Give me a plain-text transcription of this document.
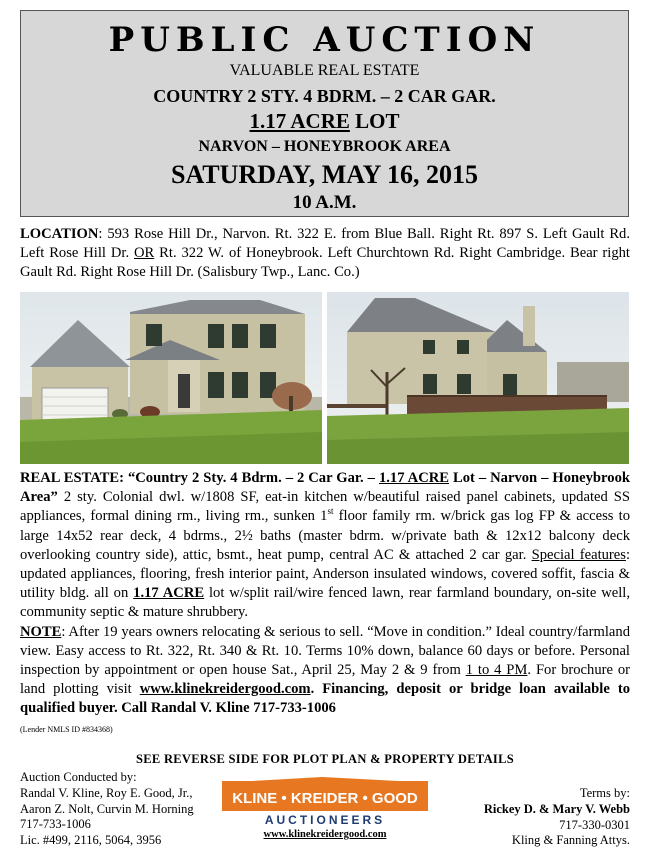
PUBLIC AUCTION
VALUABLE REAL ESTATE
COUNTRY 2 STY. 4 BDRM. – 2 CAR GAR.
1.17 ACRE LOT
NARVON – HONEYBROOK AREA
SATURDAY, MAY 16, 2015
10 A.M.
LOCATION: 593 Rose Hill Dr., Narvon. Rt. 322 E. from Blue Ball. Right Rt. 897 S. Left Gault Rd. Left Rose Hill Dr. OR Rt. 322 W. of Honeybrook. Left Churchtown Rd. Right Cambridge. Bear right Gault Rd. Right Rose Hill Dr. (Salisbury Twp., Lanc. Co.)
REAL ESTATE: “Country 2 Sty. 4 Bdrm. – 2 Car Gar. – 1.17 ACRE Lot – Narvon – Honeybrook Area” 2 sty. Colonial dwl. w/1808 SF, eat-in kitchen w/beautiful raised panel cabinets, updated SS appliances, formal dining rm., living rm., sunken 1st floor family rm. w/brick gas log FP & access to large 14x52 rear deck, 4 bdrms., 2½ baths (master bdrm. w/private bath & 12x12 balcony deck overlooking country side), attic, bsmt., heat pump, central AC & attached 2 car gar. Special features: updated appliances, flooring, fresh interior paint, Anderson insulated windows, covered soffit, fascia & utility bldg. all on 1.17 ACRE lot w/split rail/wire fenced lawn, rear farmland boundary, on-site well, community septic & mature shrubbery.
NOTE: After 19 years owners relocating & serious to sell. “Move in condition.” Ideal country/farmland view. Easy access to Rt. 322, Rt. 340 & Rt. 10. Terms 10% down, balance 60 days or before. Personal inspection by appointment or open house Sat., April 25, May 2 & 9 from 1 to 4 PM. For brochure or land plotting visit www.klinekreidergood.com. Financing, deposit or bridge loan available to qualified buyer. Call Randal V. Kline 717-733-1006
(Lender NMLS ID #834368)
SEE REVERSE SIDE FOR PLOT PLAN & PROPERTY DETAILS
Auction Conducted by:
Randal V. Kline, Roy E. Good, Jr.,
Aaron Z. Nolt, Curvin M. Horning
717-733-1006
Lic. #499, 2116, 5064, 3956
KLINE • KREIDER • GOOD
AUCTIONEERS
www.klinekreidergood.com
Terms by:
Rickey D. & Mary V. Webb
717-330-0301
Kling & Fanning Attys.
